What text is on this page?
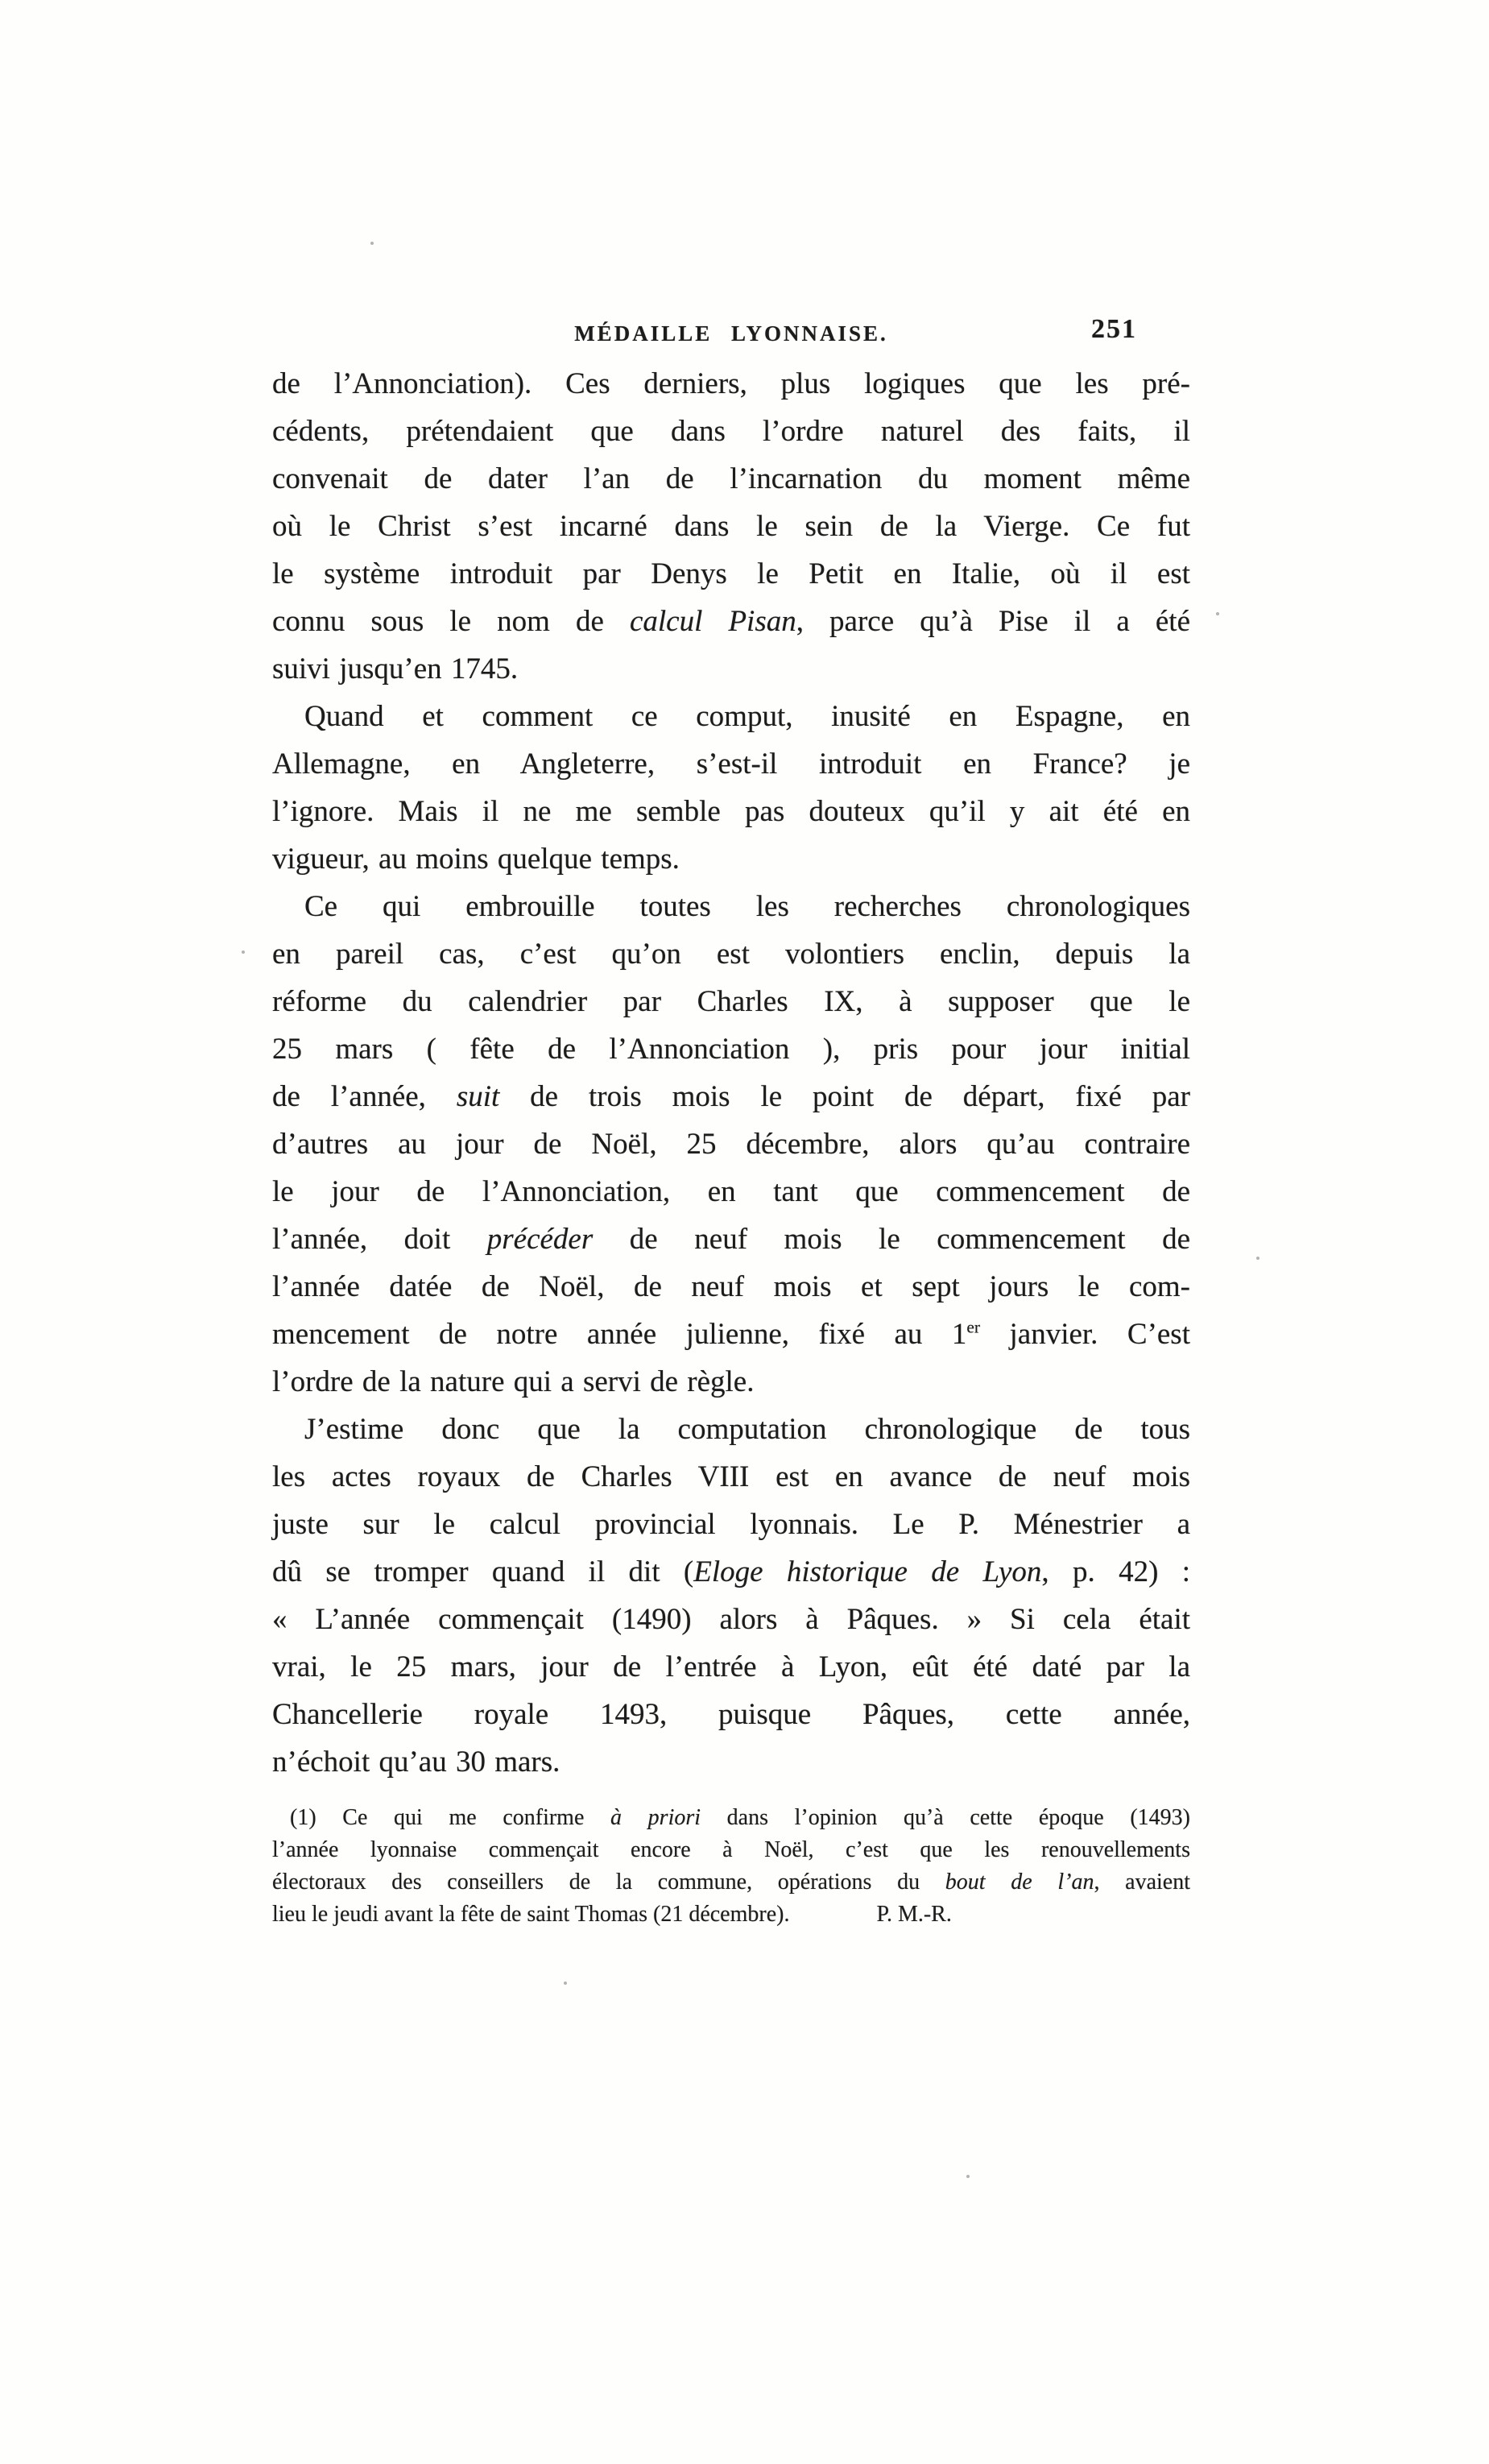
MÉDAILLE LYONNAISE.	251
de l’Annonciation). Ces derniers, plus logiques que les pré-
cédents, prétendaient que dans l’ordre naturel des faits, il
convenait de dater l’an de l’incarnation du moment même
où le Christ s’est incarné dans le sein de la Vierge. Ce fut
le système introduit par Denys le Petit en Italie, où il est
connu sous le nom de calcul Pisan, parce qu’à Pise il a été
suivi jusqu’en 1745.
Quand et comment ce comput, inusité en Espagne, en
Allemagne, en Angleterre, s’est-il introduit en France? je
l’ignore. Mais il ne me semble pas douteux qu’il y ait été en
vigueur, au moins quelque temps.
Ce qui embrouille toutes les recherches chronologiques
en pareil cas, c’est qu’on est volontiers enclin, depuis la
réforme du calendrier par Charles IX, à supposer que le
25 mars ( fête de l’Annonciation ), pris pour jour initial
de l’année, suit de trois mois le point de départ, fixé par
d’autres au jour de Noël, 25 décembre, alors qu’au contraire
le jour de l’Annonciation, en tant que commencement de
l’année, doit précéder de neuf mois le commencement de
l’année datée de Noël, de neuf mois et sept jours le com-
mencement de notre année julienne, fixé au 1er janvier. C’est
l’ordre de la nature qui a servi de règle.
J’estime donc que la computation chronologique de tous
les actes royaux de Charles VIII est en avance de neuf mois
juste sur le calcul provincial lyonnais. Le P. Ménestrier a
dû se tromper quand il dit (Eloge historique de Lyon, p. 42) :
« L’année commençait (1490) alors à Pâques. » Si cela était
vrai, le 25 mars, jour de l’entrée à Lyon, eût été daté par la
Chancellerie royale 1493, puisque Pâques, cette année,
n’échoit qu’au 30 mars.
(1) Ce qui me confirme à priori dans l’opinion qu’à cette époque (1493)
l’année lyonnaise commençait encore à Noël, c’est que les renouvellements
électoraux des conseillers de la commune, opérations du bout de l’an, avaient
lieu le jeudi avant la fête de saint Thomas (21 décembre).	P. M.-R.
